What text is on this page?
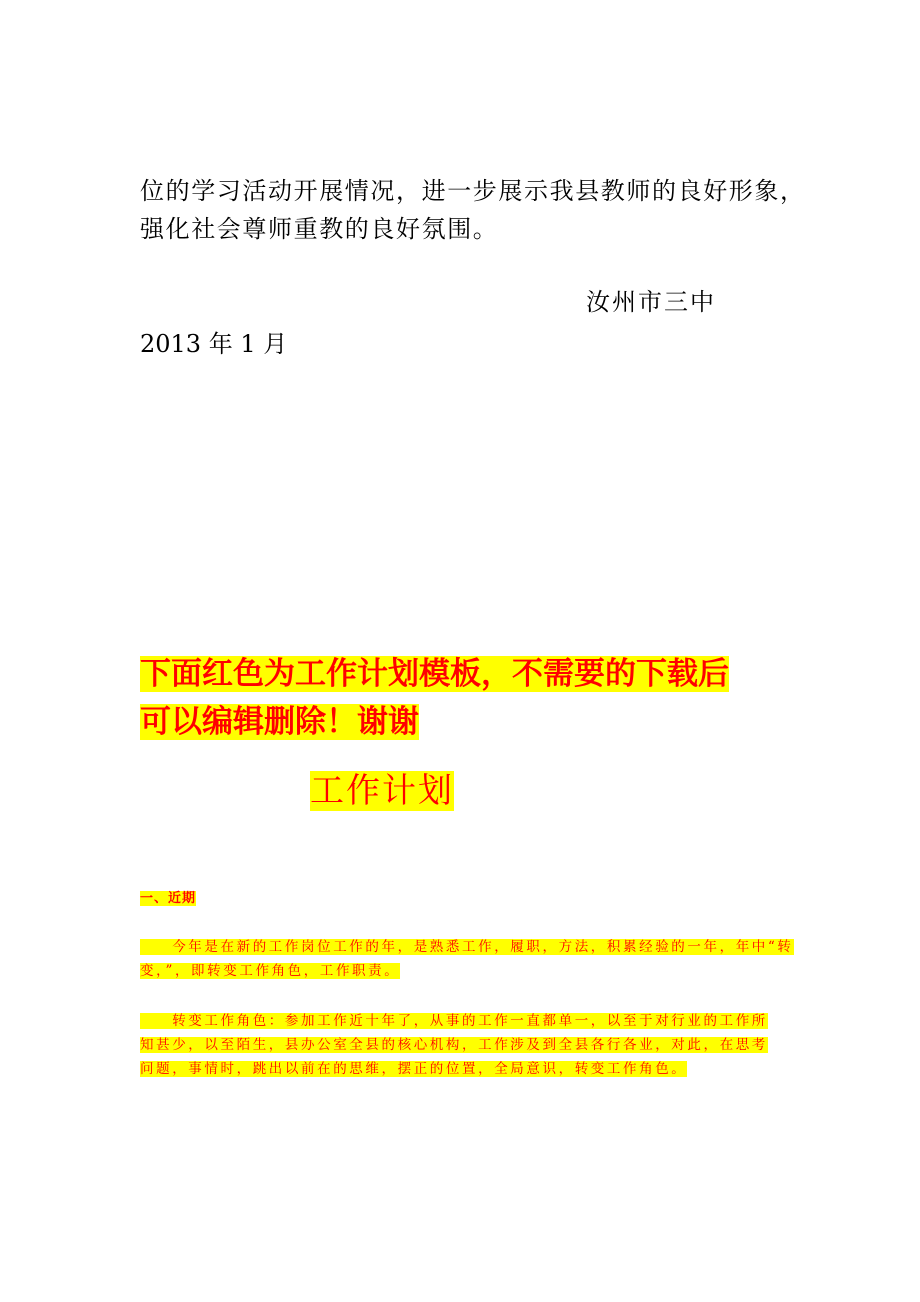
位的学习活动开展情况，进一步展示我县教师的良好形象，
强化社会尊师重教的良好氛围。
汝州市三中
2013 年 1 月
下面红色为工作计划模板，不需要的下载后
可以编辑删除！谢谢
工作计划
一、近期
　　今年是在新的工作岗位工作的年，是熟悉工作，履职，方法，积累经验的一年，年中“转
变，”，即转变工作角色，工作职责。
　　转变工作角色：参加工作近十年了，从事的工作一直都单一，以至于对行业的工作所
知甚少，以至陌生，县办公室全县的核心机构，工作涉及到全县各行各业，对此，在思考
问题，事情时，跳出以前在的思维，摆正的位置，全局意识，转变工作角色。
